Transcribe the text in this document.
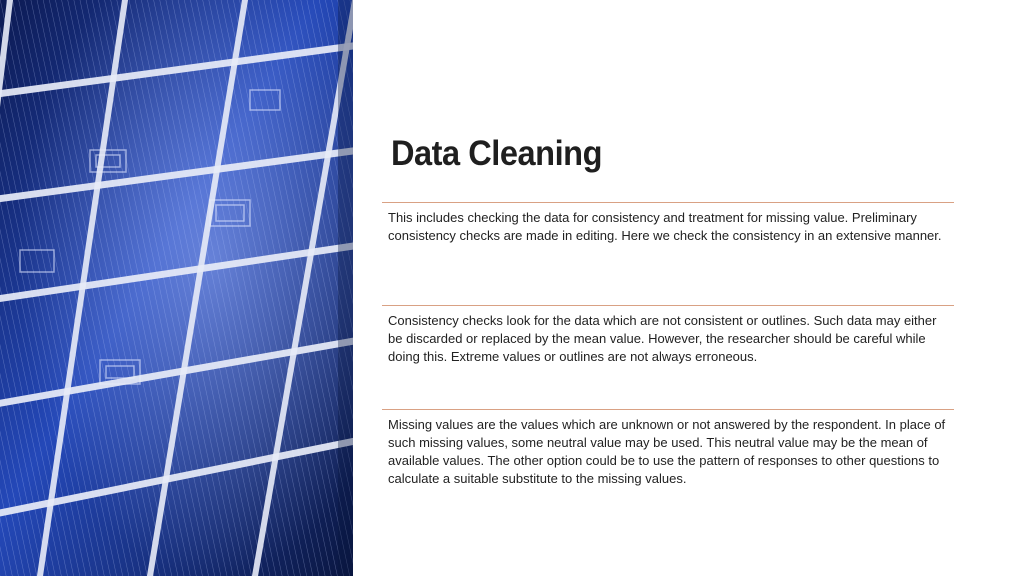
Data Cleaning

This includes checking the data for consistency and treatment for missing value. Preliminary consistency checks are made in editing. Here we check the consistency in an extensive manner.

Consistency checks look for the data which are not consistent or outlines. Such data may either be discarded or replaced by the mean value. However, the researcher should be careful while doing this. Extreme values or outlines are not always erroneous.

Missing values are the values which are unknown or not answered by the respondent. In place of such missing values, some neutral value may be used. This neutral value may be the mean of available values. The other option could be to use the pattern of responses to other questions to calculate a suitable substitute to the missing values.
